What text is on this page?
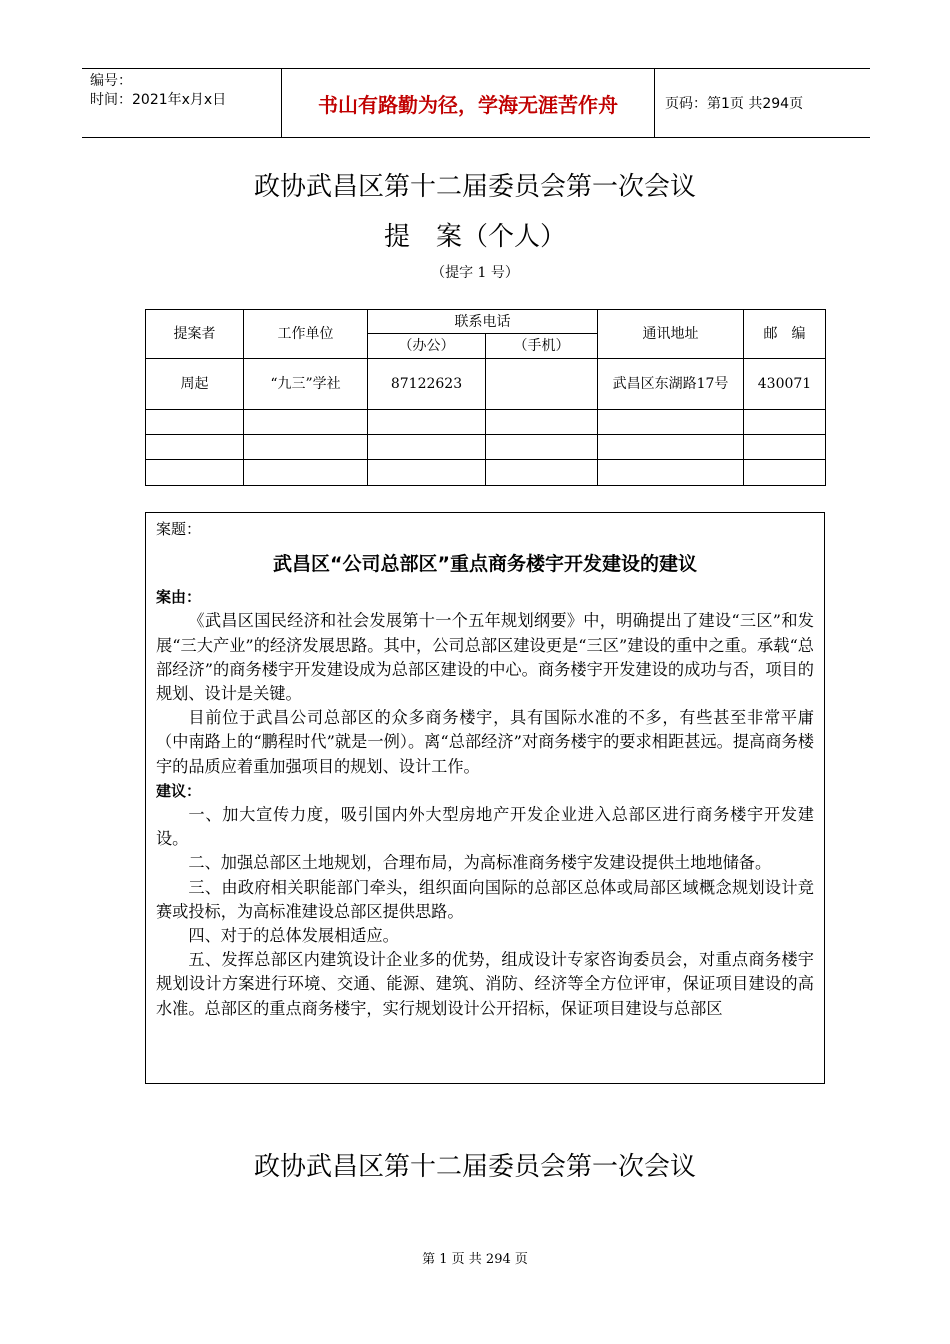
编号：
时间：2021年x月x日	书山有路勤为径，学海无涯苦作舟	页码：第1页 共294页
政协武昌区第十二届委员会第一次会议
提　案（个人）
（提字 1 号）
提案者	工作单位	联系电话		通讯地址	邮　编
		（办公）	（手机）		
周起	“九三”学社	87122623		武昌区东湖路17号	430071

案题：
武昌区“公司总部区”重点商务楼宇开发建设的建议
案由：

《武昌区国民经济和社会发展第十一个五年规划纲要》中，明确提出了建设“三区”和发展“三大产业”的经济发展思路。其中，公司总部区建设更是“三区”建设的重中之重。承载“总部经济”的商务楼宇开发建设成为总部区建设的中心。商务楼宇开发建设的成功与否，项目的规划、设计是关键。

目前位于武昌公司总部区的众多商务楼宇，具有国际水准的不多，有些甚至非常平庸（中南路上的“鹏程时代”就是一例）。离“总部经济”对商务楼宇的要求相距甚远。提高商务楼宇的品质应着重加强项目的规划、设计工作。

建议：

一、加大宣传力度，吸引国内外大型房地产开发企业进入总部区进行商务楼宇开发建设。

二、加强总部区土地规划，合理布局，为高标准商务楼宇发建设提供土地地储备。

三、由政府相关职能部门牵头，组织面向国际的总部区总体或局部区域概念规划设计竞赛或投标，为高标准建设总部区提供思路。

四、对于的总体发展相适应。

五、发挥总部区内建筑设计企业多的优势，组成设计专家咨询委员会，对重点商务楼宇规划设计方案进行环境、交通、能源、建筑、消防、经济等全方位评审，保证项目建设的高水准。总部区的重点商务楼宇，实行规划设计公开招标，保证项目建设与总部区

政协武昌区第十二届委员会第一次会议
第 1 页 共 294 页
